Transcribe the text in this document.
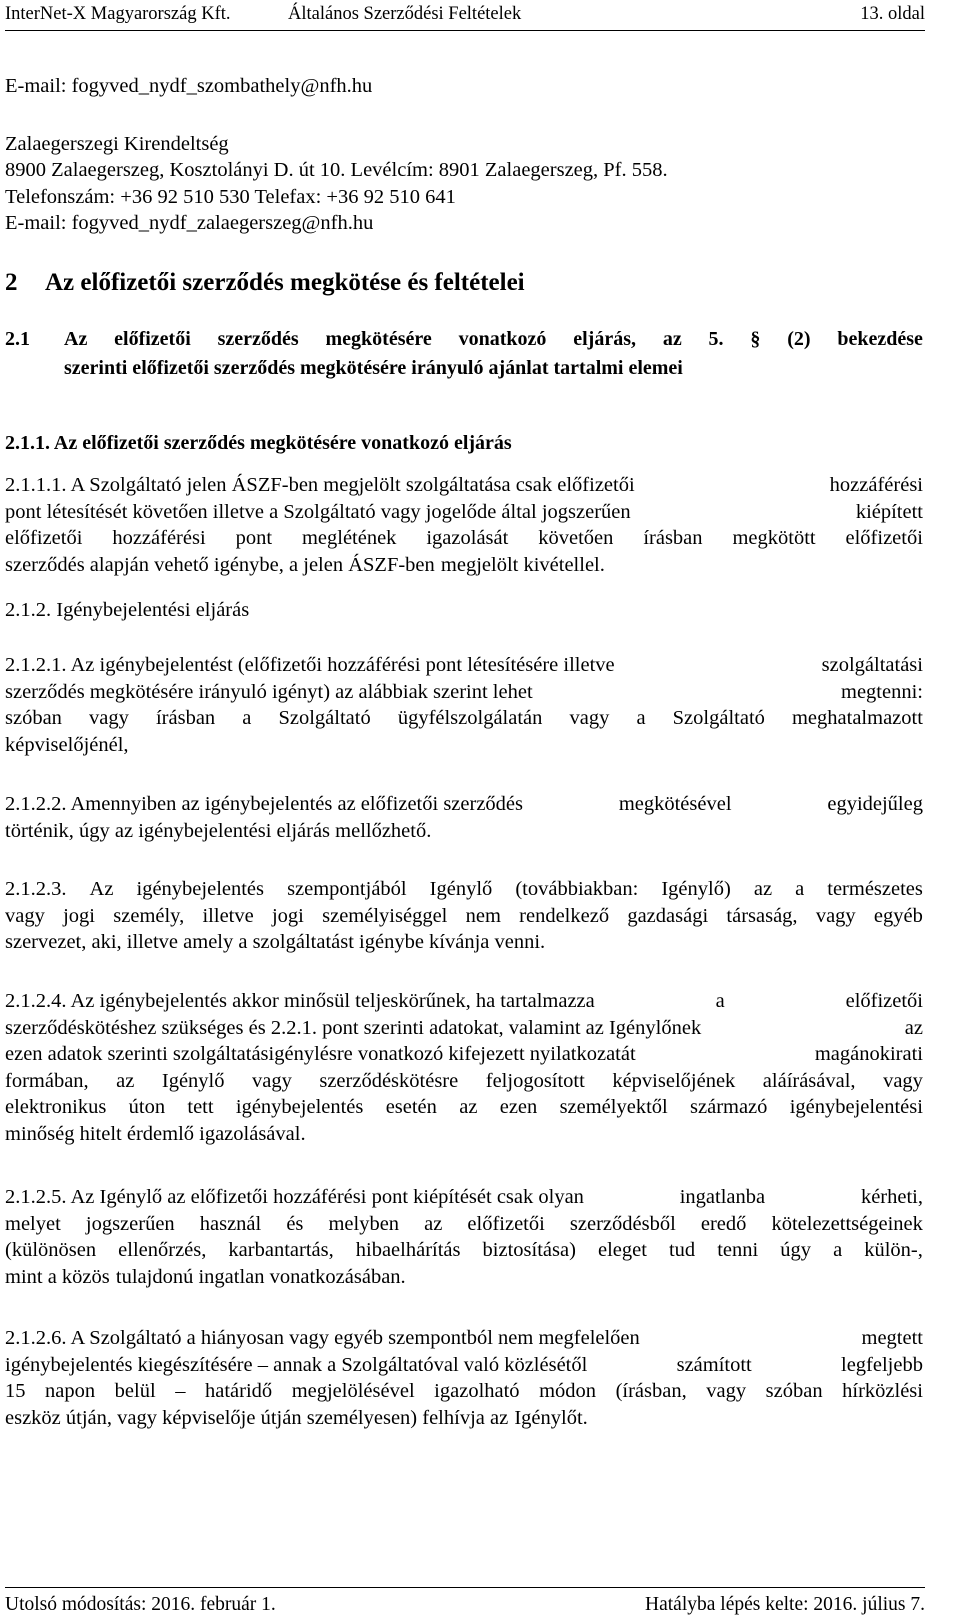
InterNet-X Magyarország Kft.	Általános Szerződési Feltételek	13. oldal
E-mail: fogyved_nydf_szombathely@nfh.hu
Zalaegerszegi Kirendeltség
8900 Zalaegerszeg, Kosztolányi D. út 10. Levélcím: 8901 Zalaegerszeg, Pf. 558.
Telefonszám: +36 92 510 530 Telefax: +36 92 510 641
E-mail: fogyved_nydf_zalaegerszeg@nfh.hu
2 Az előfizetői szerződés megkötése és feltételei
2.1	Az előfizetői szerződés megkötésére vonatkozó eljárás, az 5. § (2) bekezdése
szerinti előfizetői szerződés megkötésére irányuló ajánlat tartalmi elemei
2.1.1. Az előfizetői szerződés megkötésére vonatkozó eljárás
2.1.1.1. A Szolgáltató jelen ÁSZF-ben megjelölt szolgáltatása csak előfizetői	hozzáférési
pont létesítését követően illetve a Szolgáltató vagy jogelőde által jogszerűen	kiépített
előfizetői hozzáférési pont meglétének igazolását követően írásban megkötött előfizetői
szerződés alapján vehető igénybe, a jelen ÁSZF-ben megjelölt kivétellel.
2.1.2. Igénybejelentési eljárás
2.1.2.1. Az igénybejelentést (előfizetői hozzáférési pont létesítésére illetve	szolgáltatási
szerződés megkötésére irányuló igényt) az alábbiak szerint lehet	megtenni:
szóban vagy írásban a Szolgáltató ügyfélszolgálatán vagy a Szolgáltató meghatalmazott
képviselőjénél,
2.1.2.2. Amennyiben az igénybejelentés az előfizetői szerződés	megkötésével	egyidejűleg
történik, úgy az igénybejelentési eljárás mellőzhető.
2.1.2.3. Az igénybejelentés szempontjából Igénylő (továbbiakban: Igénylő) az a természetes
vagy jogi személy, illetve jogi személyiséggel nem rendelkező gazdasági társaság, vagy egyéb
szervezet, aki, illetve amely a szolgáltatást igénybe kívánja venni.
2.1.2.4. Az igénybejelentés akkor minősül teljeskörűnek, ha tartalmazza	a	előfizetői
szerződéskötéshez szükséges és 2.2.1. pont szerinti adatokat, valamint az Igénylőnek	az
ezen adatok szerinti szolgáltatásigénylésre vonatkozó kifejezett nyilatkozatát	magánokirati
formában, az Igénylő vagy szerződéskötésre feljogosított képviselőjének aláírásával, vagy
elektronikus úton tett igénybejelentés esetén az ezen személyektől származó igénybejelentési
minőség hitelt érdemlő igazolásával.
2.1.2.5. Az Igénylő az előfizetői hozzáférési pont kiépítését csak olyan	ingatlanba	kérheti,
melyet jogszerűen használ és melyben az előfizetői szerződésből eredő kötelezettségeinek
(különösen ellenőrzés, karbantartás, hibaelhárítás biztosítása) eleget tud tenni úgy a külön-,
mint a közös tulajdonú ingatlan vonatkozásában.
2.1.2.6. A Szolgáltató a hiányosan vagy egyéb szempontból nem megfelelően	megtett
igénybejelentés kiegészítésére – annak a Szolgáltatóval való közlésétől	számított	legfeljebb
15 napon belül – határidő megjelölésével igazolható módon (írásban, vagy szóban hírközlési
eszköz útján, vagy képviselője útján személyesen) felhívja az Igénylőt.
Utolsó módosítás: 2016. február 1.	Hatályba lépés kelte: 2016. július 7.
